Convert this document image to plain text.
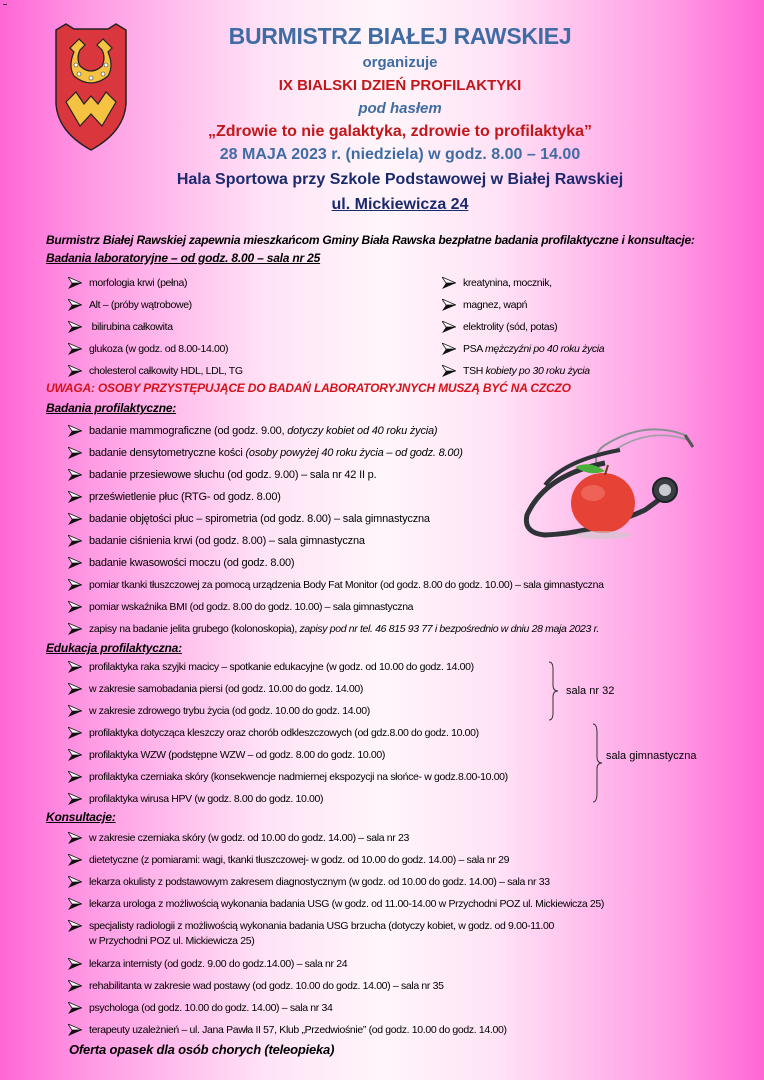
BURMISTRZ BIAŁEJ RAWSKIEJ
organizuje
IX BIALSKI DZIEŃ PROFILAKTYKI
pod hasłem
„Zdrowie to nie galaktyka, zdrowie to profilaktyka”
28 MAJA 2023 r. (niedziela) w godz. 8.00 – 14.00
Hala Sportowa przy Szkole Podstawowej w Białej Rawskiej
ul. Mickiewicza 24
Burmistrz Białej Rawskiej zapewnia mieszkańcom Gminy Biała Rawska bezpłatne badania profilaktyczne i konsultacje:
Badania laboratoryjne – od godz. 8.00 – sala nr 25
morfologia krwi (pełna)
Alt – (próby wątrobowe)
bilirubina całkowita
glukoza (w godz. od 8.00-14.00)
cholesterol całkowity HDL, LDL, TG
kreatynina, mocznik,
magnez, wapń
elektrolity (sód, potas)
PSA mężczyźni po 40 roku życia
TSH kobiety po 30 roku życia
UWAGA: OSOBY PRZYSTĘPUJĄCE DO BADAŃ LABORATORYJNYCH MUSZĄ BYĆ NA CZCZO
Badania profilaktyczne:
badanie mammograficzne (od godz. 9.00, dotyczy kobiet od 40 roku życia)
badanie densytometryczne kości (osoby powyżej 40 roku życia – od godz. 8.00)
badanie przesiewowe słuchu (od godz. 9.00) – sala nr 42 II p.
prześwietlenie płuc (RTG- od godz. 8.00)
badanie objętości płuc – spirometria (od godz. 8.00) – sala gimnastyczna
badanie ciśnienia krwi (od godz. 8.00) – sala gimnastyczna
badanie kwasowości moczu (od godz. 8.00)
pomiar tkanki tłuszczowej za pomocą urządzenia Body Fat Monitor (od godz. 8.00 do godz. 10.00) – sala gimnastyczna
pomiar wskaźnika BMI (od godz. 8.00 do godz. 10.00) – sala gimnastyczna
zapisy na badanie jelita grubego (kolonoskopia), zapisy pod nr tel. 46 815 93 77 i bezpośrednio w dniu 28 maja 2023 r.
Edukacja profilaktyczna:
profilaktyka raka szyjki macicy – spotkanie edukacyjne (w godz. od 10.00 do godz. 14.00)
w zakresie samobadania piersi (od godz. 10.00 do godz. 14.00)
w zakresie zdrowego trybu życia (od godz. 10.00 do godz. 14.00)
profilaktyka dotycząca kleszczy oraz chorób odkleszczowych (od gdz.8.00 do godz. 10.00)
profilaktyka WZW (podstępne WZW – od godz. 8.00 do godz. 10.00)
profilaktyka czerniaka skóry (konsekwencje nadmiernej ekspozycji na słońce- w godz.8.00-10.00)
profilaktyka wirusa HPV (w godz. 8.00 do godz. 10.00)
sala nr 32
sala gimnastyczna
Konsultacje:
w zakresie czerniaka skóry (w godz. od 10.00 do godz. 14.00) – sala nr 23
dietetyczne (z pomiarami: wagi, tkanki tłuszczowej- w godz. od 10.00 do godz. 14.00) – sala nr 29
lekarza okulisty z podstawowym zakresem diagnostycznym (w godz. od 10.00 do godz. 14.00) – sala nr 33
lekarza urologa z możliwością wykonania badania USG (w godz. od 11.00-14.00 w Przychodni POZ ul. Mickiewicza 25)
specjalisty radiologii z możliwością wykonania badania USG brzucha (dotyczy kobiet, w godz. od 9.00-11.00
w Przychodni POZ ul. Mickiewicza 25)
lekarza internisty (od godz. 9.00 do godz.14.00) – sala nr 24
rehabilitanta w zakresie wad postawy (od godz. 10.00 do godz. 14.00) – sala nr 35
psychologa (od godz. 10.00 do godz. 14.00) – sala nr 34
terapeuty uzależnień – ul. Jana Pawła II 57, Klub „Przedwiośnie” (od godz. 10.00 do godz. 14.00)
Oferta opasek dla osób chorych (teleopieka)
